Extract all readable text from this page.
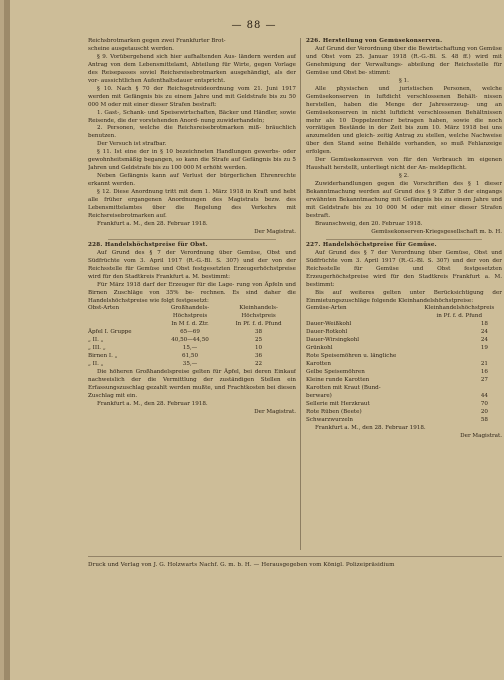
— 88 —

Reichsbrotmarken gegen zwei Frankfurter Brot-

scheine ausgetauscht werden.

§ 9. Vorübergehend sich hier aufhaltenden Aus- ländern werden auf Antrag von dem Lebensmittelamt, Abteilung für Wirte, gegen Vorlage des Reisepasses soviel Reichsreisebrotmarken ausgehändigt, als der vor- aussichtlichen Aufenthaltsdauer entspricht.

§ 10. Nach § 70 der Reichsgetreideordnung vom 21. Juni 1917 werden mit Gefängnis bis zu einem Jahre und mit Geldstrafe bis zu 50 000 M oder mit einer dieser Strafen bestraft:

1. Gast-, Schank- und Speisewirtschaften, Bäcker und Händler, sowie Reisende, die der vorstehenden Anord- nung zuwiderhandeln;

2. Personen, welche die Reichsreisebrotmarken miß- bräuchlich benutzen.

Der Versuch ist strafbar.

§ 11. Ist eine der in § 10 bezeichneten Handlungen gewerbs- oder gewohnheitsmäßig begangen, so kann die Strafe auf Gefängnis bis zu 5 Jahren und Geldstrafe bis zu 100 000 M erhöht werden.

Neben Gefängnis kann auf Verlust der bürgerlichen Ehrenrechte erkannt werden.

§ 12. Diese Anordnung tritt mit dem 1. März 1918 in Kraft und hebt alle früher ergangenen Anordnungen des Magistrats bezw. des Lebensmittelamtes über die Regelung des Verkehrs mit Reichsreisebrotmarken auf.

Frankfurt a. M., den 28. Februar 1918.

Der Magistrat.

228. Handelshöchstpreise für Obst.

Auf Grund des § 7 der Verordnung über Gemüse, Obst und Südfrüchte vom 3. April 1917 (R.-G.-Bl. S. 307) und der von der Reichsstelle für Gemüse und Obst festgesetzten Erzeugerhöchstpreise wird für den Stadtkreis Frankfurt a. M. bestimmt:

Für März 1918 darf der Erzeuger für die Lage- rung von Äpfeln und Birnen Zuschläge von 35% be- rechnen. Es sind daher die Handelshöchstpreise wie folgt festgesetzt:

Obst-Arten	Großhandels-	Kleinhandels-
	Höchstpreis	Höchstpreis
	In M f. d. Ztr.	In Pf. f. d. Pfund
Äpfel I. Gruppe	65—69	38
„ II. „	40,50—44,50	25
„ III. „	15,—	10
Birnen I. „	61,50	36
„ II. „	35,—	22

Die höheren Großhandelspreise gelten für Äpfel, bei deren Einkauf nachweislich der die Vermittlung der zuständigen Stellen ein Erfassungszuschlag gezahlt werden mußte, und Frachtkosten bei diesen Zuschlag mit ein.

Frankfurt a. M., den 28. Februar 1918.

Der Magistrat.

226. Herstellung von Gemüsekonserven.

Auf Grund der Verordnung über die Bewirtschaftung von Gemüse und Obst vom 25. Januar 1918 (R.-G.-Bl. S. 48 ff.) wird mit Genehmigung der Verwaltungs- abteilung der Reichsstelle für Gemüse und Obst be- stimmt:

§ 1.

Alle physischen und juristischen Personen, welche Gemüsekonserven in luftdicht verschlossenen Behält- nissen herstellen, haben die Menge der Jahreserzeug- ung an Gemüsekonserven in nicht luftdicht verschlossenen Behältnissen mehr als 10 Doppelzentner betragen haben, sowie die noch vorrätigen Bestände in der Zeit bis zum 10. März 1918 bei uns anzumelden und gleich- zeitig Antrag zu stellen, welche Nachweise über den Stand seine Behälde vorhanden, so muß Fehlanzeige erfolgen.

Der Gemüsekonserven von für den Verbrauch im eigenen Haushalt herstellt, unterliegt nicht der An- meldepflicht.

§ 2.

Zuwiderhandlungen gegen die Vorschriften des § 1 dieser Bekanntmachung werden auf Grund des § 9 Ziffer 5 der eingangs erwähnten Bekanntmachung mit Gefängnis bis zu einem Jahre und mit Geldstrafe bis zu 10 000 M oder mit einer dieser Strafen bestraft.

Braunschweig, den 20. Februar 1918.

Gemüsekonserven-Kriegsgesellschaft m. b. H.

227. Handelshöchstpreise für Gemüse.

Auf Grund des § 7 der Verordnung über Gemüse, Obst und Südfrüchte vom 3. April 1917 (R.-G.-Bl. S. 307) und der von der Reichsstelle für Gemüse und Obst festgesetzten Erzeugerhöchstpreise wird für den Stadtkreis Frankfurt a. M. bestimmt:

Bis auf weiteres gelten unter Berücksichtigung der Einmietungszuschläge folgende Kleinhandelshöchstpreise:

Gemüse-Arten	Kleinhandelshöchstpreis
	in Pf. f. d. Pfund
Dauer-Weißkohl	18
Dauer-Rotkohl	24
Dauer-Wirsingkohl	24
Grünkohl	19
Rote Speisemöhren u. längliche	
Karotten	21
Gelbe Speisemöhren	16
Kleine runde Karotten	27
Karotten mit Kraut (Bund-	
berware)	44
Sellerie mit Herzkraut	70
Rote Rüben (Beete)	20
Schwarzwurzeln	58

Frankfurt a. M., den 28. Februar 1918.

Der Magistrat.

Druck und Verlag von J. G. Holzwarts Nachf. G. m. b. H. — Herausgegeben vom Königl. Polizeipräsidium
